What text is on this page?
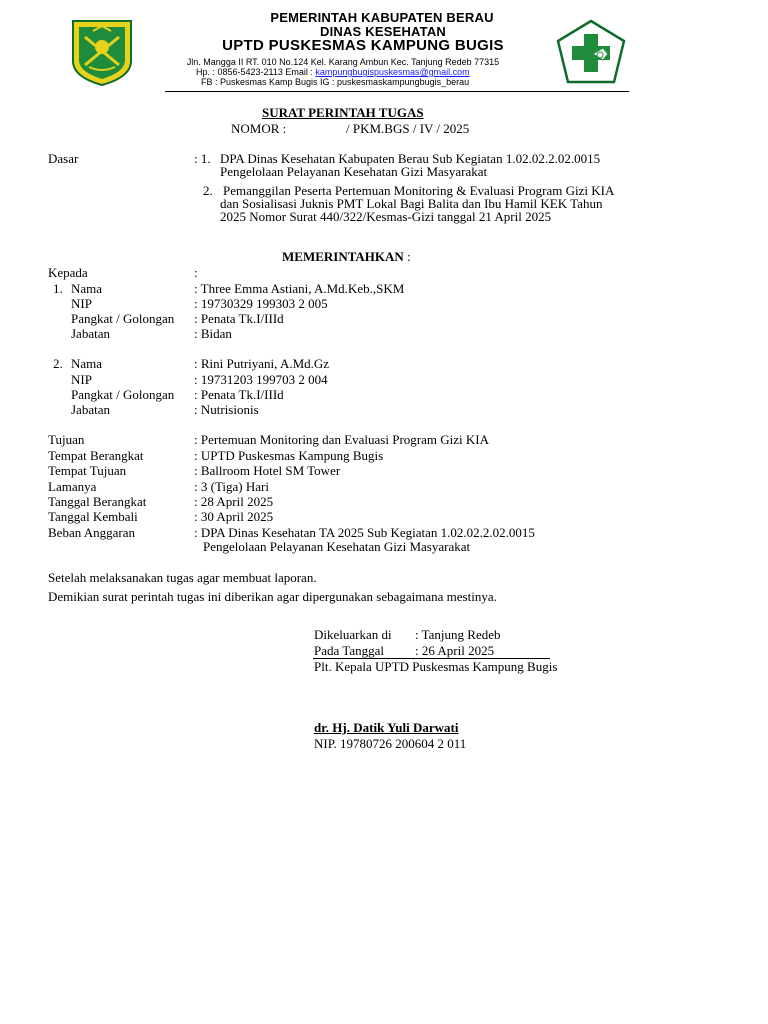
PEMERINTAH KABUPATEN BERAU
DINAS KESEHATAN
UPTD PUSKESMAS KAMPUNG BUGIS
Jln. Mangga II RT. 010 No.124 Kel. Karang Ambun Kec. Tanjung Redeb 77315
Hp. : 0856-5423-2113 Email : kampungbugispuskesmas@gmail.com
FB : Puskesmas Kamp Bugis IG : puskesmaskampungbugis_berau
SURAT PERINTAH TUGAS
NOMOR :	/ PKM.BGS / IV / 2025
Dasar	: 1. DPA Dinas Kesehatan Kabupaten Berau Sub Kegiatan 1.02.02.2.02.0015
Pengelolaan Pelayanan Kesehatan Gizi Masyarakat
2. Pemanggilan Peserta Pertemuan Monitoring & Evaluasi Program Gizi KIA
dan Sosialisasi Juknis PMT Lokal Bagi Balita dan Ibu Hamil KEK Tahun
2025 Nomor Surat 440/322/Kesmas-Gizi tanggal 21 April 2025
MEMERINTAHKAN :
Kepada	:
1. Nama	: Three Emma Astiani, A.Md.Keb.,SKM
NIP	: 19730329 199303 2 005
Pangkat / Golongan : Penata Tk.I/IIId
Jabatan	: Bidan
2. Nama	: Rini Putriyani, A.Md.Gz
NIP	: 19731203 199703 2 004
Pangkat / Golongan : Penata Tk.I/IIId
Jabatan	: Nutrisionis
Tujuan	: Pertemuan Monitoring dan Evaluasi Program Gizi KIA
Tempat Berangkat	: UPTD Puskesmas Kampung Bugis
Tempat Tujuan	: Ballroom Hotel SM Tower
Lamanya	: 3 (Tiga) Hari
Tanggal Berangkat	: 28 April 2025
Tanggal Kembali	: 30 April 2025
Beban Anggaran	: DPA Dinas Kesehatan TA 2025 Sub Kegiatan 1.02.02.2.02.0015
Pengelolaan Pelayanan Kesehatan Gizi Masyarakat
Setelah melaksanakan tugas agar membuat laporan.
Demikian surat perintah tugas ini diberikan agar dipergunakan sebagaimana mestinya.
Dikeluarkan di : Tanjung Redeb
Pada Tanggal : 26 April 2025
Plt. Kepala UPTD Puskesmas Kampung Bugis
dr. Hj. Datik Yuli Darwati
NIP. 19780726 200604 2 011
